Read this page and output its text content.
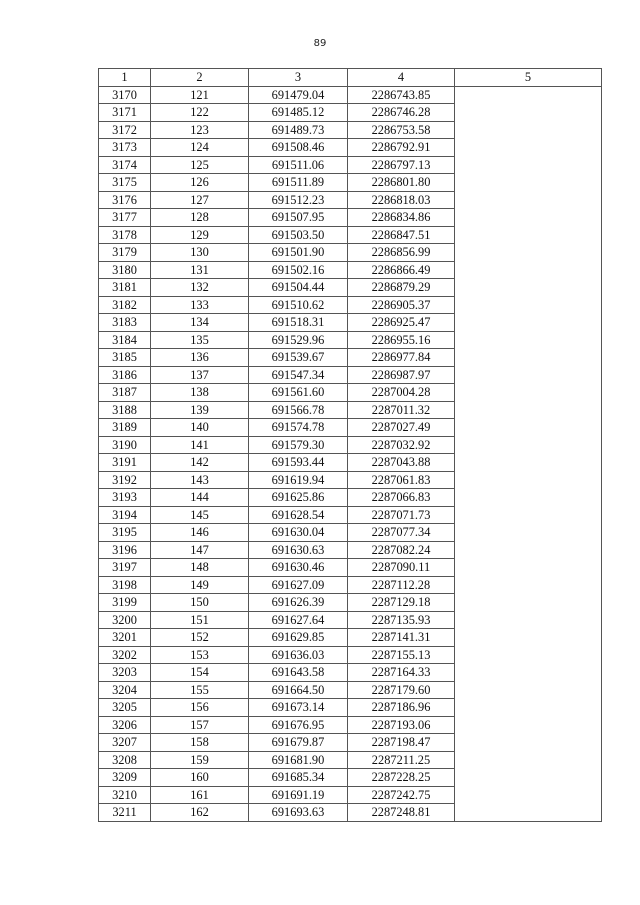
89
1	2	3	4	5
3170	121	691479.04	2286743.85	
3171	122	691485.12	2286746.28	
3172	123	691489.73	2286753.58	
3173	124	691508.46	2286792.91	
3174	125	691511.06	2286797.13	
3175	126	691511.89	2286801.80	
3176	127	691512.23	2286818.03	
3177	128	691507.95	2286834.86	
3178	129	691503.50	2286847.51	
3179	130	691501.90	2286856.99	
3180	131	691502.16	2286866.49	
3181	132	691504.44	2286879.29	
3182	133	691510.62	2286905.37	
3183	134	691518.31	2286925.47	
3184	135	691529.96	2286955.16	
3185	136	691539.67	2286977.84	
3186	137	691547.34	2286987.97	
3187	138	691561.60	2287004.28	
3188	139	691566.78	2287011.32	
3189	140	691574.78	2287027.49	
3190	141	691579.30	2287032.92	
3191	142	691593.44	2287043.88	
3192	143	691619.94	2287061.83	
3193	144	691625.86	2287066.83	
3194	145	691628.54	2287071.73	
3195	146	691630.04	2287077.34	
3196	147	691630.63	2287082.24	
3197	148	691630.46	2287090.11	
3198	149	691627.09	2287112.28	
3199	150	691626.39	2287129.18	
3200	151	691627.64	2287135.93	
3201	152	691629.85	2287141.31	
3202	153	691636.03	2287155.13	
3203	154	691643.58	2287164.33	
3204	155	691664.50	2287179.60	
3205	156	691673.14	2287186.96	
3206	157	691676.95	2287193.06	
3207	158	691679.87	2287198.47	
3208	159	691681.90	2287211.25	
3209	160	691685.34	2287228.25	
3210	161	691691.19	2287242.75	
3211	162	691693.63	2287248.81	
